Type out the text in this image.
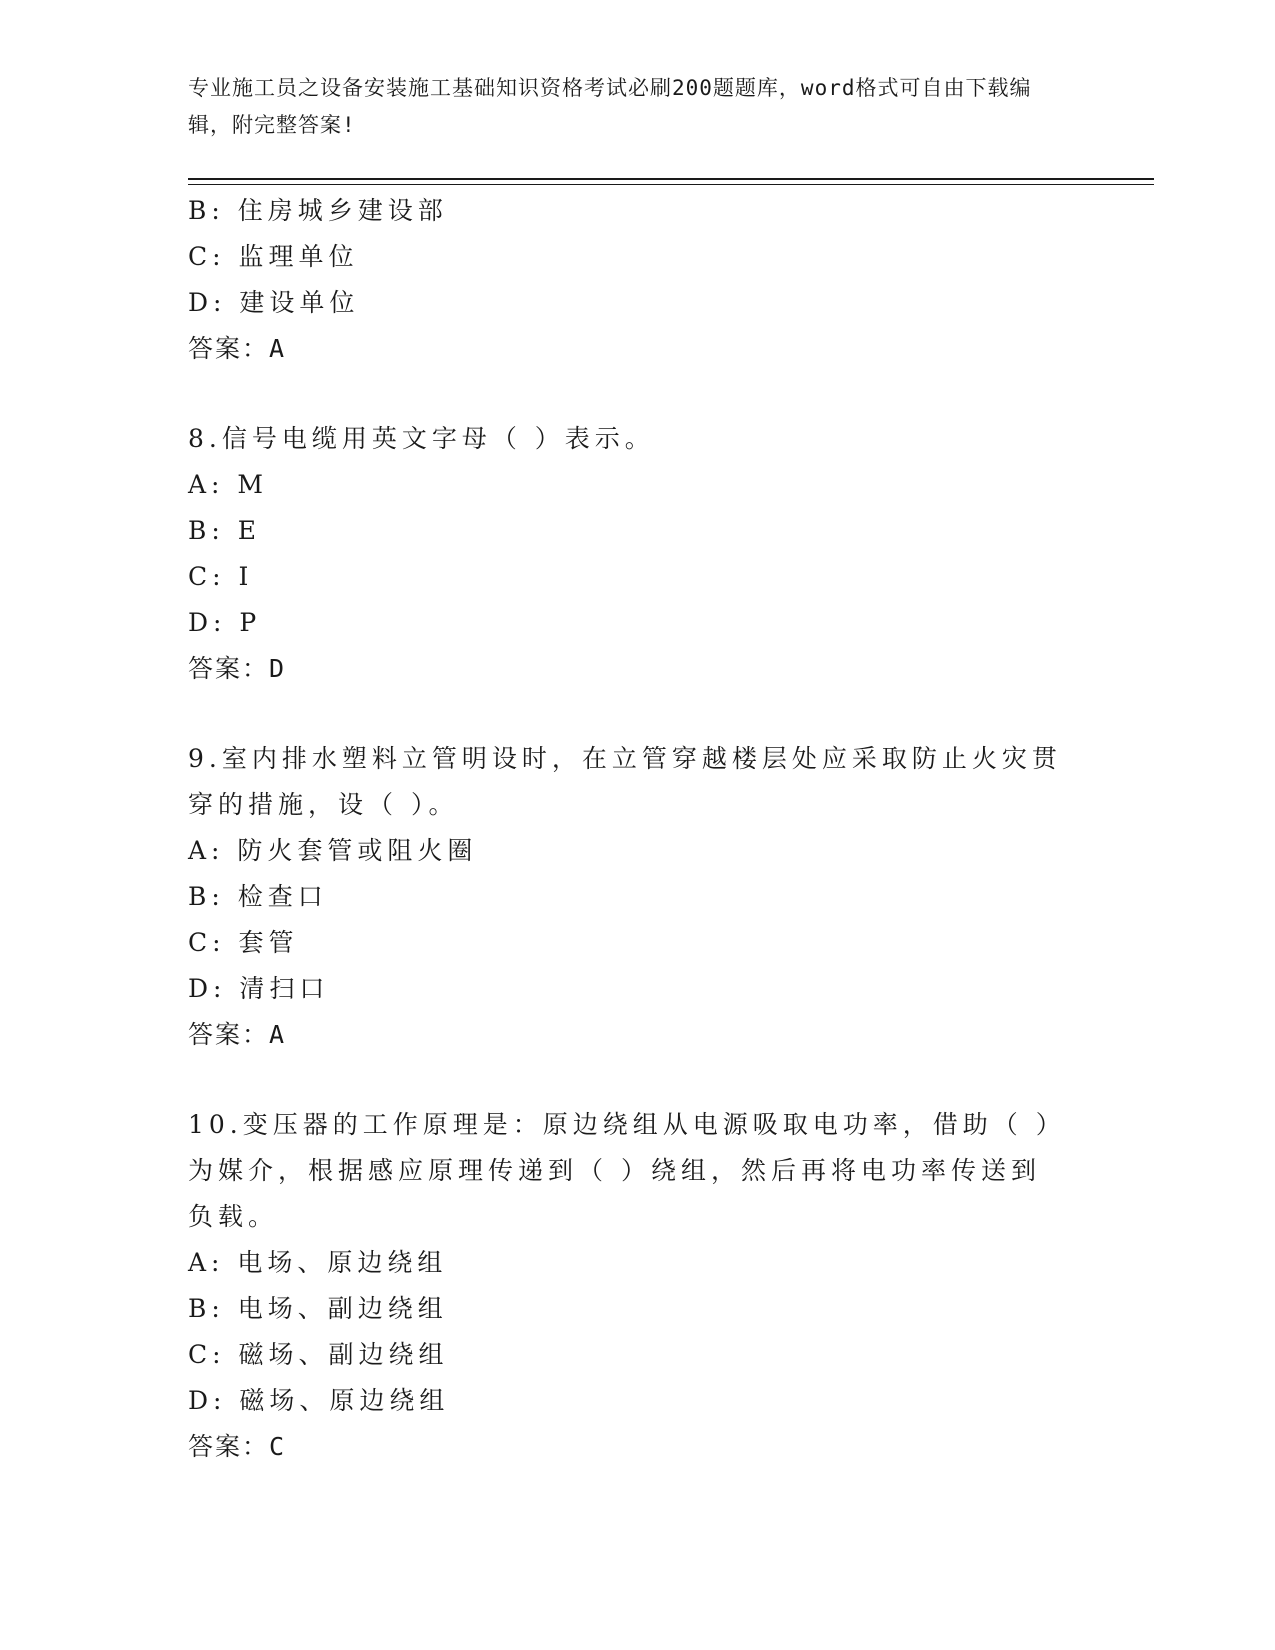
专业施工员之设备安装施工基础知识资格考试必刷200题题库，word格式可自由下载编辑，附完整答案!
B: 住房城乡建设部
C: 监理单位
D: 建设单位
答案：A
8.信号电缆用英文字母（ ）表示。
A: M
B: E
C: I
D: P
答案：D
9.室内排水塑料立管明设时，在立管穿越楼层处应采取防止火灾贯穿的措施，设（ ）。
A: 防火套管或阻火圈
B: 检查口
C: 套管
D: 清扫口
答案：A
10.变压器的工作原理是：原边绕组从电源吸取电功率，借助（ ）为媒介，根据感应原理传递到（ ）绕组，然后再将电功率传送到负载。
A: 电场、原边绕组
B: 电场、副边绕组
C: 磁场、副边绕组
D: 磁场、原边绕组
答案：C
